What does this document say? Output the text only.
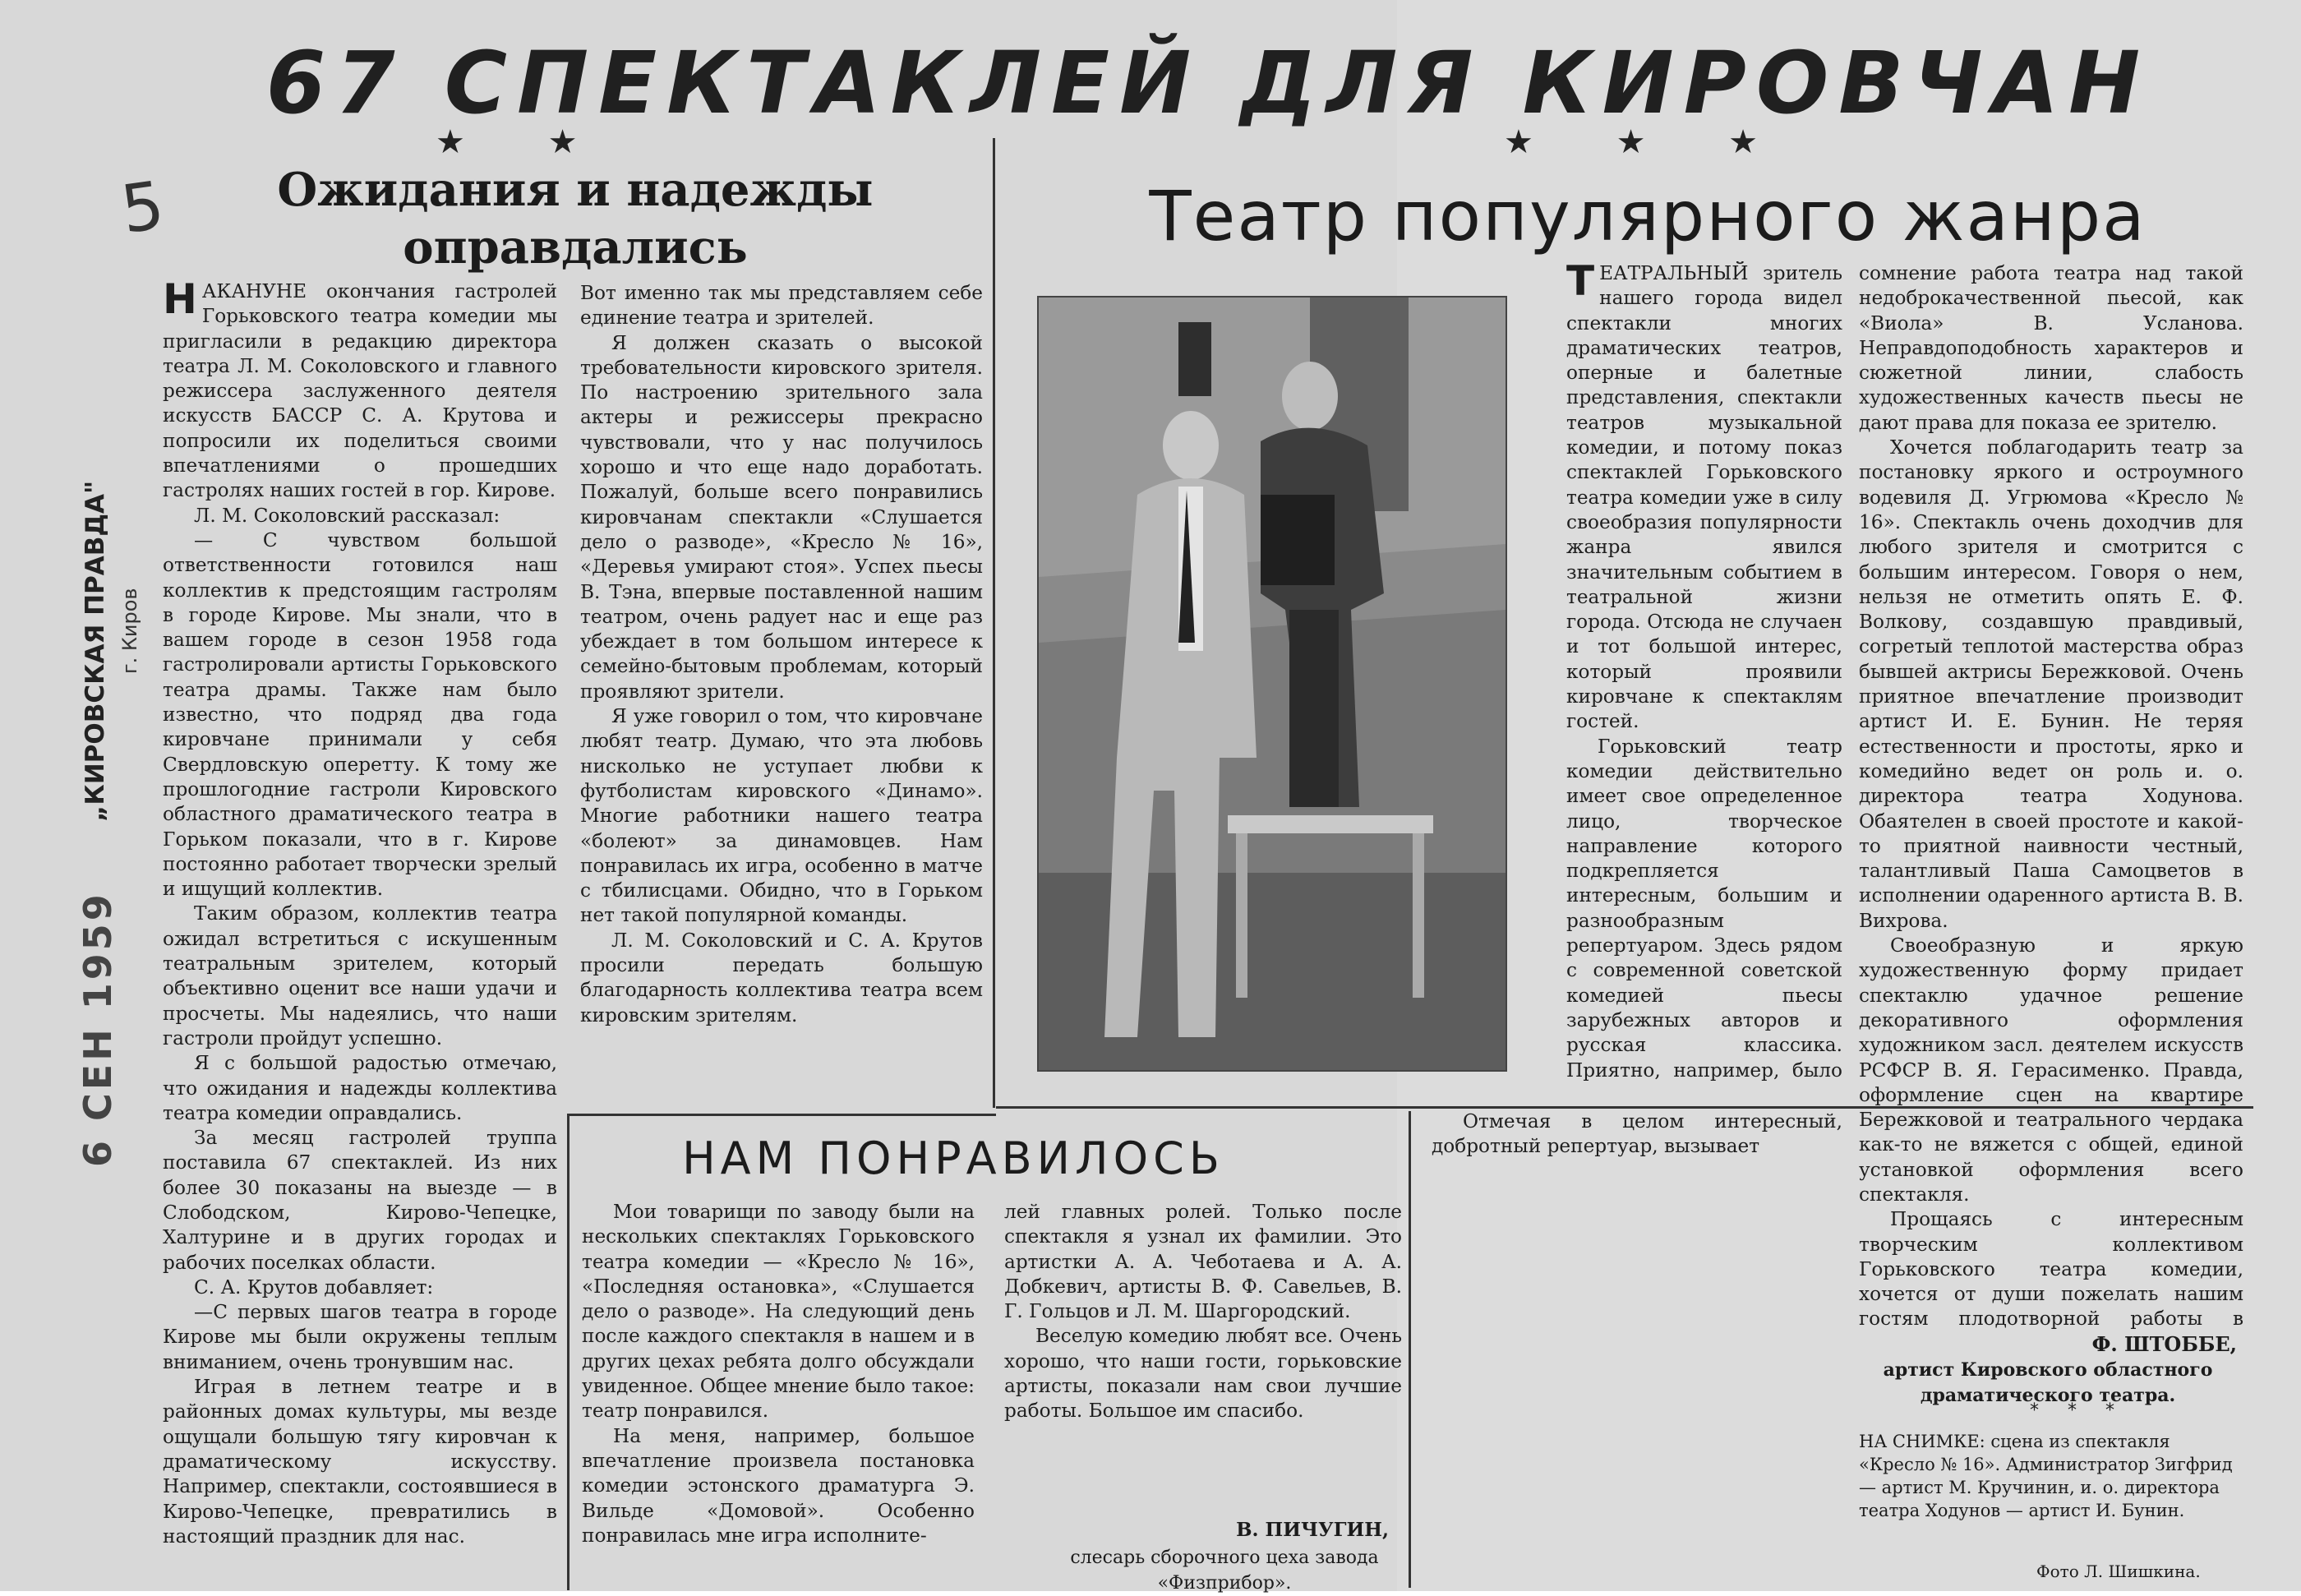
67 СПЕКТАКЛЕЙ ДЛЯ КИРОВЧАН
★ ★	★ ★ ★
5
„КИРОВСКАЯ ПРАВДА" г. Киров
6 СЕН 1959
Ожидания и надежды оправдались
Н АКАНУНЕ окончания гастролей Горьковского театра комедии мы пригласили в редакцию директора театра Л. М. Соколовского и главного режиссера заслуженного деятеля искусств БАССР С. А. Крутова и попросили их поделиться своими впечатлениями о прошедших гастролях наших гостей в гор. Кирове.

Л. М. Соколовский рассказал:

— С чувством большой ответственности готовился наш коллектив к предстоящим гастролям в городе Кирове. Мы знали, что в вашем городе в сезон 1958 года гастролировали артисты Горьковского театра драмы. Также нам было известно, что подряд два года кировчане принимали у себя Свердловскую оперетту. К тому же прошлогодние гастроли Кировского областного драматического театра в Горьком показали, что в г. Кирове постоянно работает творчески зрелый и ищущий коллектив.

Таким образом, коллектив театра ожидал встретиться с искушенным театральным зрителем, который объективно оценит все наши удачи и просчеты. Мы надеялись, что наши гастроли пройдут успешно.

Я с большой радостью отмечаю, что ожидания и надежды коллектива театра комедии оправдались.

За месяц гастролей труппа поставила 67 спектаклей. Из них более 30 показаны на выезде — в Слободском, Кирово-Чепецке, Халтурине и в других городах и рабочих поселках области.

С. А. Крутов добавляет:

—С первых шагов театра в городе Кирове мы были окружены теплым вниманием, очень тронувшим нас.

Играя в летнем театре и в районных домах культуры, мы везде ощущали большую тягу кировчан к драматическому искусству. Например, спектакли, состоявшиеся в Кирово-Чепецке, превратились в настоящий праздник для нас.

Вот именно так мы представляем себе единение театра и зрителей.

Я должен сказать о высокой требовательности кировского зрителя. По настроению зрительного зала актеры и режиссеры прекрасно чувствовали, что у нас получилось хорошо и что еще надо доработать. Пожалуй, больше всего понравились кировчанам спектакли «Слушается дело о разводе», «Кресло № 16», «Деревья умирают стоя». Успех пьесы В. Тэна, впервые поставленной нашим театром, очень радует нас и еще раз убеждает в том большом интересе к семейно-бытовым проблемам, который проявляют зрители.

Я уже говорил о том, что кировчане любят театр. Думаю, что эта любовь нисколько не уступает любви к футболистам кировского «Динамо». Многие работники нашего театра «болеют» за динамовцев. Нам понравилась их игра, особенно в матче с тбилисцами. Обидно, что в Горьком нет такой популярной команды.

Л. М. Соколовский и С. А. Крутов просили передать большую благодарность коллектива театра всем кировским зрителям.

Театр популярного жанра
Т ЕАТРАЛЬНЫЙ зритель нашего города видел спектакли многих драматических театров, оперные и балетные представления, спектакли театров музыкальной комедии, и потому показ спектаклей Горьковского театра комедии уже в силу своеобразия популярности жанра явился значительным событием в театральной жизни города. Отсюда не случаен и тот большой интерес, который проявили кировчане к спектаклям гостей.

Горьковский театр комедии действительно имеет свое определенное лицо, творческое направление которого подкрепляется интересным, большим и разнообразным репертуаром. Здесь рядом с современной советской комедией пьесы зарубежных авторов и русская классика. Приятно, например, было

Отмечая в целом интересный, добротный репертуар, вызывает

сомнение работа театра над такой недоброкачественной пьесой, как «Виола» В. Усланова. Неправдоподобность характеров и сюжетной линии, слабость художественных качеств пьесы не дают права для показа ее зрителю.

Хочется поблагодарить театр за постановку яркого и остроумного водевиля Д. Угрюмова «Кресло № 16». Спектакль очень доходчив для любого зрителя и смотрится с большим интересом. Говоря о нем, нельзя не отметить опять Е. Ф. Волкову, создавшую правдивый, согретый теплотой мастерства образ бывшей актрисы Бережковой. Очень приятное впечатление производит артист И. Е. Бунин. Не теряя естественности и простоты, ярко и комедийно ведет он роль и. о. директора театра Ходунова. Обаятелен в своей простоте и какой-то приятной наивности честный, талантливый Паша Самоцветов в исполнении одаренного артиста В. В. Вихрова.

Своеобразную и яркую художественную форму придает спектаклю удачное решение декоративного оформления художником засл. деятелем искусств РСФСР В. Я. Герасименко. Правда, оформление сцен на квартире Бережковой и театрального чердака как-то не вяжется с общей, единой установкой оформления всего спектакля.

Прощаясь с интересным творческим коллективом Горьковского театра комедии, хочется от души пожелать нашим гостям плодотворной работы в

Ф. ШТОББЕ,
артист Кировского областного драматического театра.
* * *
НА СНИМКЕ: сцена из спектакля «Кресло № 16». Администратор Зигфрид — артист М. Кручинин, и. о. директора театра Ходунов — артист И. Бунин.
Фото Л. Шишкина.
НАМ ПОНРАВИЛОСЬ

Мои товарищи по заводу были на нескольких спектаклях Горьковского театра комедии — «Кресло № 16», «Последняя остановка», «Слушается дело о разводе». На следующий день после каждого спектакля в нашем и в других цехах ребята долго обсуждали увиденное. Общее мнение было такое: театр понравился.

На меня, например, большое впечатление произвела постановка комедии эстонского драматурга Э. Вильде «Домовой». Особенно понравилась мне игра исполните-

лей главных ролей. Только после спектакля я узнал их фамилии. Это артистки А. А. Чеботаева и А. А. Добкевич, артисты В. Ф. Савельев, В. Г. Гольцов и Л. М. Шаргородский.

Веселую комедию любят все. Очень хорошо, что наши гости, горьковские артисты, показали нам свои лучшие работы. Большое им спасибо.

В. ПИЧУГИН,
слесарь сборочного цеха завода «Физприбор».
